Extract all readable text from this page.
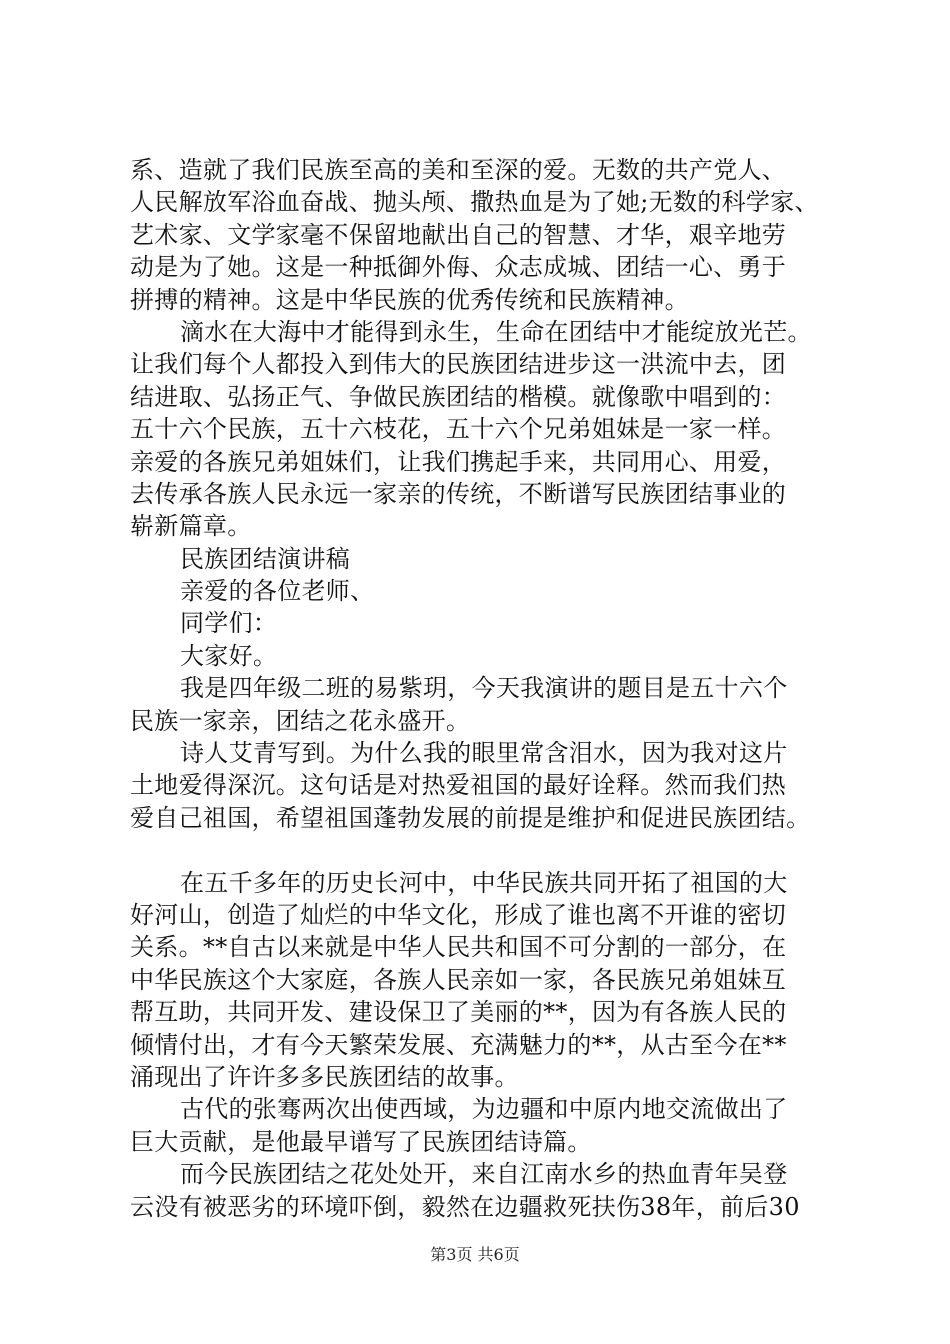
系、造就了我们民族至高的美和至深的爱。无数的共产党人、
人民解放军浴血奋战、抛头颅、撒热血是为了她;无数的科学家、
艺术家、文学家毫不保留地献出自己的智慧、才华，艰辛地劳
动是为了她。这是一种抵御外侮、众志成城、团结一心、勇于
拼搏的精神。这是中华民族的优秀传统和民族精神。
滴水在大海中才能得到永生，生命在团结中才能绽放光芒。
让我们每个人都投入到伟大的民族团结进步这一洪流中去，团
结进取、弘扬正气、争做民族团结的楷模。就像歌中唱到的：
五十六个民族，五十六枝花，五十六个兄弟姐妹是一家一样。
亲爱的各族兄弟姐妹们，让我们携起手来，共同用心、用爱，
去传承各族人民永远一家亲的传统，不断谱写民族团结事业的
崭新篇章。
民族团结演讲稿
亲爱的各位老师、
同学们：
大家好。
我是四年级二班的易紫玥，今天我演讲的题目是五十六个
民族一家亲，团结之花永盛开。
诗人艾青写到。为什么我的眼里常含泪水，因为我对这片
土地爱得深沉。这句话是对热爱祖国的最好诠释。然而我们热
爱自己祖国，希望祖国蓬勃发展的前提是维护和促进民族团结。
在五千多年的历史长河中，中华民族共同开拓了祖国的大
好河山，创造了灿烂的中华文化，形成了谁也离不开谁的密切
关系。**自古以来就是中华人民共和国不可分割的一部分，在
中华民族这个大家庭，各族人民亲如一家，各民族兄弟姐妹互
帮互助，共同开发、建设保卫了美丽的**，因为有各族人民的
倾情付出，才有今天繁荣发展、充满魅力的**，从古至今在**
涌现出了许许多多民族团结的故事。
古代的张骞两次出使西域，为边疆和中原内地交流做出了
巨大贡献，是他最早谱写了民族团结诗篇。
而今民族团结之花处处开，来自江南水乡的热血青年吴登
云没有被恶劣的环境吓倒，毅然在边疆救死扶伤38年，前后30
第3页 共6页
